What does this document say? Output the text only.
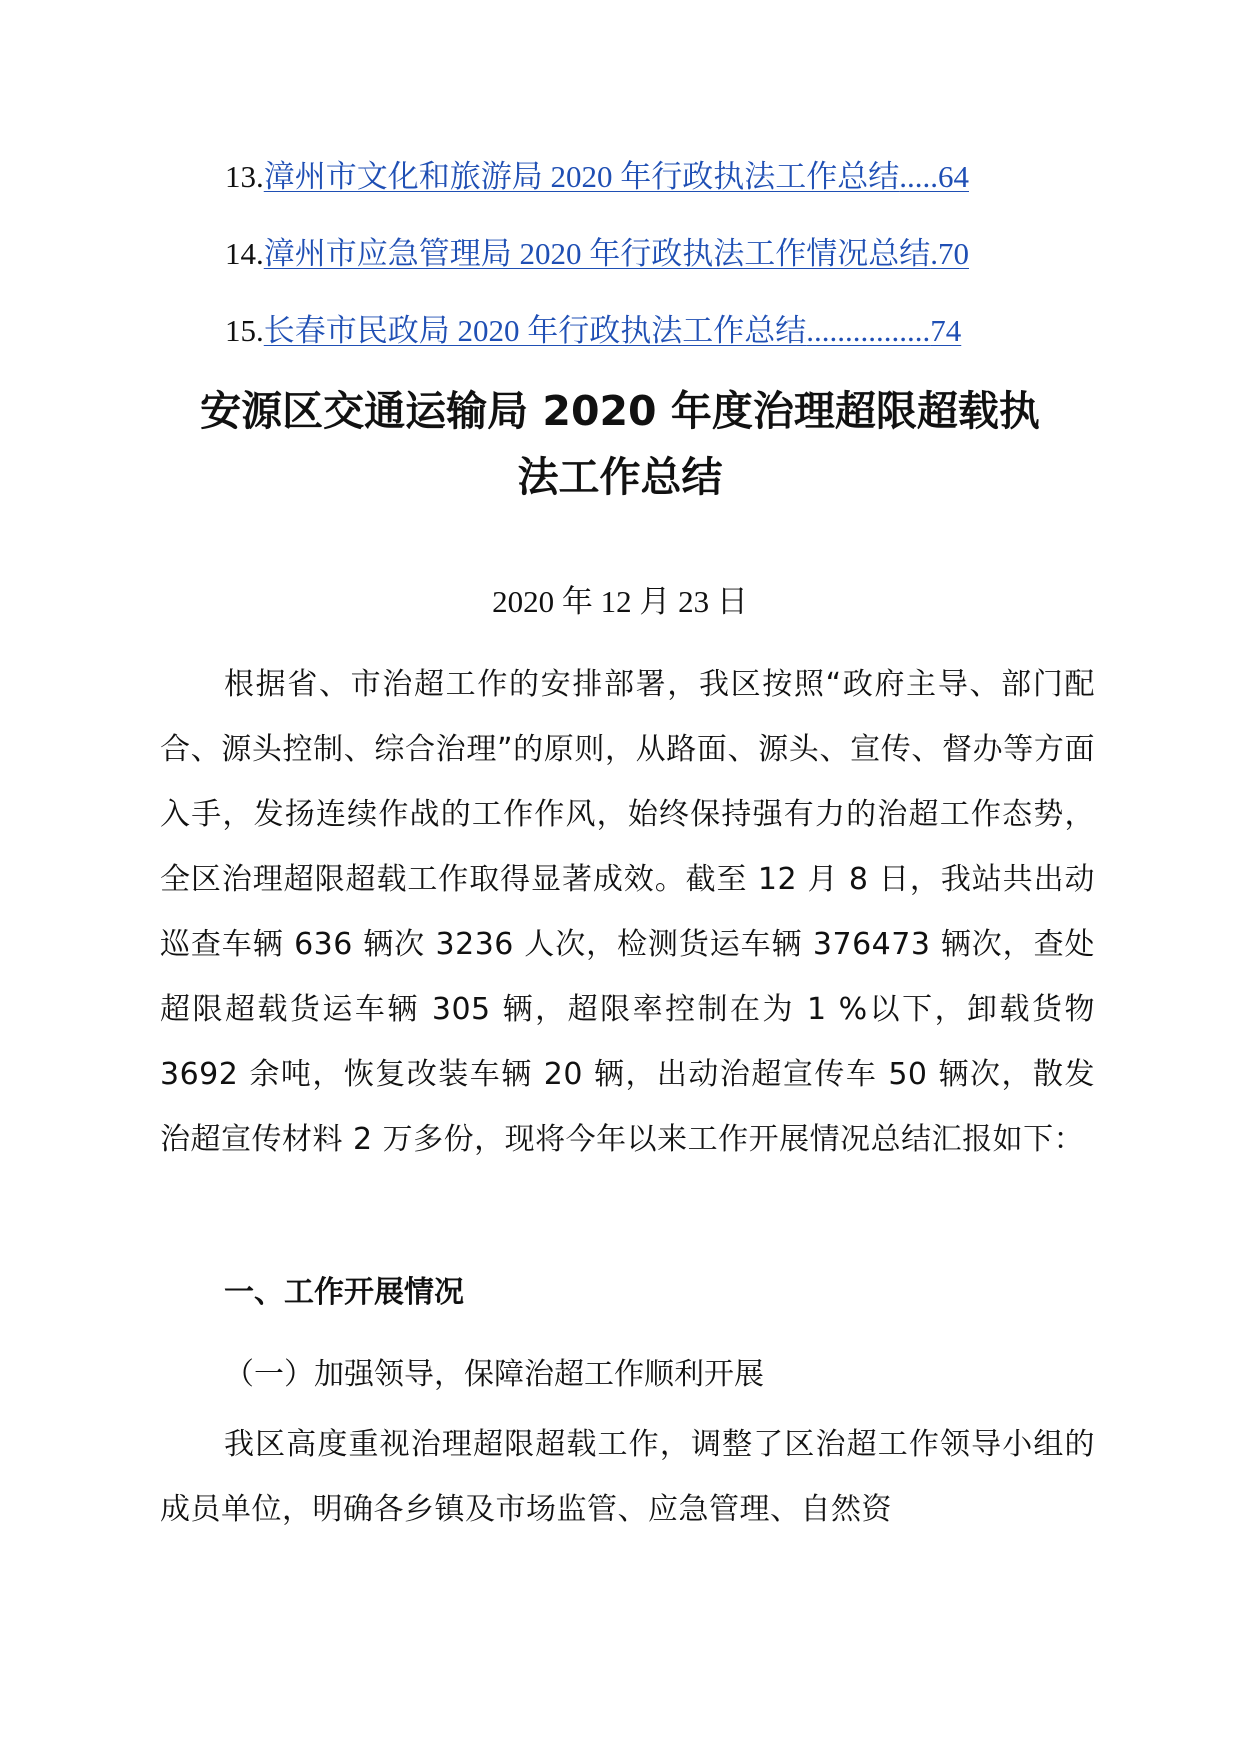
13.漳州市文化和旅游局 2020 年行政执法工作总结.....64
14.漳州市应急管理局 2020 年行政执法工作情况总结.70
15.长春市民政局 2020 年行政执法工作总结................74
安源区交通运输局 2020 年度治理超限超载执
法工作总结
2020 年 12 月 23 日

根据省、市治超工作的安排部署，我区按照“政府主导、部门配合、源头控制、综合治理”的原则，从路面、源头、宣传、督办等方面入手，发扬连续作战的工作作风，始终保持强有力的治超工作态势，全区治理超限超载工作取得显著成效。截至 12 月 8 日，我站共出动巡查车辆 636 辆次 3236 人次，检测货运车辆 376473 辆次，查处超限超载货运车辆 305 辆，超限率控制在为 1 %以下，卸载货物 3692 余吨，恢复改装车辆 20 辆，出动治超宣传车 50 辆次，散发治超宣传材料 2 万多份，现将今年以来工作开展情况总结汇报如下：

一、工作开展情况
（一）加强领导，保障治超工作顺利开展

我区高度重视治理超限超载工作，调整了区治超工作领导小组的成员单位，明确各乡镇及市场监管、应急管理、自然资
